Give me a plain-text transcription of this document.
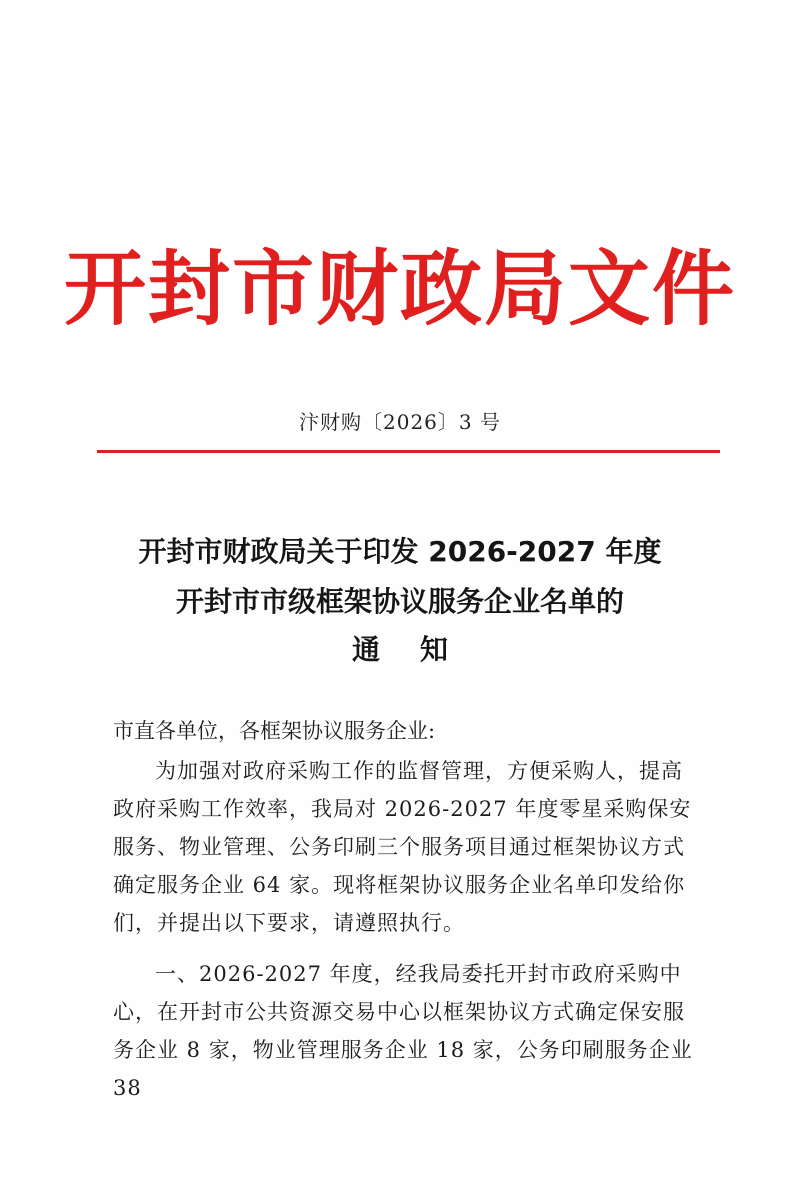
开封市财政局文件
汴财购〔2026〕3 号
开封市财政局关于印发 2026-2027 年度
开封市市级框架协议服务企业名单的
通知
市直各单位，各框架协议服务企业:
为加强对政府采购工作的监督管理，方便采购人，提高政府采购工作效率，我局对 2026-2027 年度零星采购保安服务、物业管理、公务印刷三个服务项目通过框架协议方式确定服务企业 64 家。现将框架协议服务企业名单印发给你们，并提出以下要求，请遵照执行。
一、2026-2027 年度，经我局委托开封市政府采购中心，在开封市公共资源交易中心以框架协议方式确定保安服务企业 8 家，物业管理服务企业 18 家，公务印刷服务企业 38
